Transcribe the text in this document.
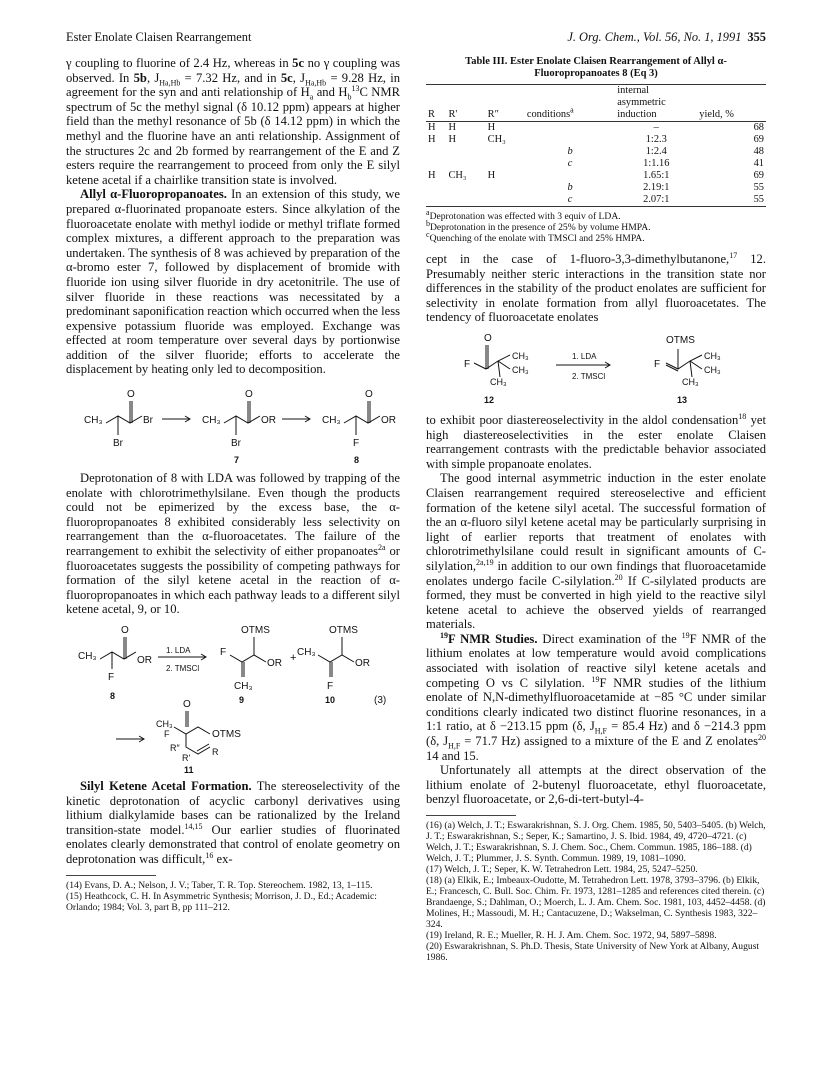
Ester Enolate Claisen Rearrangement	J. Org. Chem., Vol. 56, No. 1, 1991 355

γ coupling to fluorine of 2.4 Hz, whereas in 5c no γ coupling was observed. In 5b, $J_{Ha,Hb} = 7.32$ Hz, and in 5c, $J_{Ha,Hb} = 9.28$ Hz, in agreement for the syn and anti relationship of $H_a$ and $H_b^{13}C$ NMR spectrum of 5c the methyl signal (δ 10.12 ppm) appears at higher field than the methyl resonance of 5b (δ 14.12 ppm) in which the methyl and the fluorine have an anti relationship. Assignment of the structures 2c and 2b formed by rearrangement of the E and Z esters require the rearrangement to proceed from only the E silyl ketene acetal if a chairlike transition state is involved.

Allyl α-Fluoropropanoates. In an extension of this study, we prepared α-fluorinated propanoate esters. Since alkylation of the fluoroacetate enolate with methyl iodide or methyl triflate formed complex mixtures, a different approach to the preparation was undertaken. The synthesis of 8 was achieved by preparation of the α-bromo ester 7, followed by displacement of bromide with fluoride ion using silver fluoride in dry acetonitrile. The use of silver fluoride in these reactions was necessitated by a predominant saponification reaction which occurred when the less expensive potassium fluoride was employed. Exchange was effected at room temperature over several days by portionwise addition of the silver fluoride; efforts to accelerate the displacement by heating only led to decomposition.

CH₃
O
Br
Br
CH₃
O
OR
Br
CH₃
O
OR
F
7	8

Deprotonation of 8 with LDA was followed by trapping of the enolate with chlorotrimethylsilane. Even though the products could not be epimerized by the excess base, the α-fluoropropanoates 8 exhibited considerably less selectivity on rearrangement than the α-fluoroacetates. The failure of the rearrangement to exhibit the selectivity of either propanoates$^{2a}$ or fluoroacetates suggests the possibility of competing pathways for formation of the silyl ketene acetal in the reaction of α-fluoropropanoates in which each pathway leads to a different silyl ketene acetal, 9, or 10.

CH₃
O
OR
F
1. LDA
2. TMSCl
OTMS
F
OR
CH₃
+
OTMS
CH₃
OR
F
8	9	10	(3)
O
CH₃
F	OTMS
R″
R'
R
11

Silyl Ketene Acetal Formation. The stereoselectivity of the kinetic deprotonation of acyclic carbonyl derivatives using lithium dialkylamide bases can be rationalized by the Ireland transition-state model.$^{14,15}$ Our earlier studies of fluorinated enolates clearly demonstrated that control of enolate geometry on deprotonation was difficult,$^{16}$ ex-

(14) Evans, D. A.; Nelson, J. V.; Taber, T. R. Top. Stereochem. 1982, 13, 1–115.
(15) Heathcock, C. H. In Asymmetric Synthesis; Morrison, J. D., Ed.; Academic: Orlando; 1984; Vol. 3, part B, pp 111–212.
Table III. Ester Enolate Claisen Rearrangement of Allyl α-Fluoropropanoates 8 (Eq 3)
R	R'	R″	conditions$^a$	internal asymmetric induction	yield, %
H	H	H		–	68
H	H	CH₃		1:2.3	69
			b	1:2.4	48
			c	1:1.16	41
H	CH₃	H		1.65:1	69
			b	2.19:1	55
			c	2.07:1	55
$^a$Deprotonation was effected with 3 equiv of LDA.
$^b$Deprotonation in the presence of 25% by volume HMPA.
$^c$Quenching of the enolate with TMSCl and 25% HMPA.

cept in the case of 1-fluoro-3,3-dimethylbutanone,$^{17}$ 12. Presumably neither steric interactions in the transition state nor differences in the stability of the product enolates are sufficient for selectivity in enolate formation from allyl fluoroacetates. The tendency of fluoroacetate enolates

O
F
CH₃
CH₃
CH₃
1. LDA
2. TMSCl
OTMS
F
CH₃
CH₃
CH₃
12	13

to exhibit poor diastereoselectivity in the aldol condensation$^{18}$ yet high diastereoselectivities in the ester enolate Claisen rearrangement contrasts with the predictable behavior associated with simple propanoate enolates.

The good internal asymmetric induction in the ester enolate Claisen rearrangement required stereoselective and efficient formation of the ketene silyl acetal. The successful formation of the an α-fluoro silyl ketene acetal may be particularly surprising in light of earlier reports that treatment of enolates with chlorotrimethylsilane could result in significant amounts of C-silylation,$^{2a,19}$ in addition to our own findings that fluoroacetamide enolates undergo facile C-silylation.$^{20}$ If C-silylated products are formed, they must be converted in high yield to the reactive silyl ketene acetal to achieve the observed yields of rearranged materials.

$^{19}$F NMR Studies. Direct examination of the $^{19}$F NMR of the lithium enolates at low temperature would avoid complications associated with isolation of reactive silyl ketene acetals and competing O vs C silylation. $^{19}$F NMR studies of the lithium enolate of N,N-dimethylfluoroacetamide at −85 °C under similar conditions clearly indicated two distinct fluorine resonances, in a 1:1 ratio, at δ −213.15 ppm (δ, $J_{H,F} = 85.4$ Hz) and δ −214.3 ppm (δ, $J_{H,F} = 71.7$ Hz) assigned to a mixture of the E and Z enolates$^{20}$ 14 and 15.

Unfortunately all attempts at the direct observation of the lithium enolate of 2-butenyl fluoroacetate, ethyl fluoroacetate, benzyl fluoroacetate, or 2,6-di-tert-butyl-4-

(16) (a) Welch, J. T.; Eswarakrishnan, S. J. Org. Chem. 1985, 50, 5403–5405. (b) Welch, J. T.; Eswarakrishnan, S.; Seper, K.; Samartino, J. S. Ibid. 1984, 49, 4720–4721. (c) Welch, J. T.; Eswarakrishnan, S. J. Chem. Soc., Chem. Commun. 1985, 186–188. (d) Welch, J. T.; Plummer, J. S. Synth. Commun. 1989, 19, 1081–1090.
(17) Welch, J. T.; Seper, K. W. Tetrahedron Lett. 1984, 25, 5247–5250.
(18) (a) Elkik, E.; Imbeaux-Oudotte, M. Tetrahedron Lett. 1978, 3793–3796. (b) Elkik, E.; Francesch, C. Bull. Soc. Chim. Fr. 1973, 1281–1285 and references cited therein. (c) Brandaenge, S.; Dahlman, O.; Moerch, L. J. Am. Chem. Soc. 1981, 103, 4452–4458. (d) Molines, H.; Massoudi, M. H.; Cantacuzene, D.; Wakselman, C. Synthesis 1983, 322–324.
(19) Ireland, R. E.; Mueller, R. H. J. Am. Chem. Soc. 1972, 94, 5897–5898.
(20) Eswarakrishnan, S. Ph.D. Thesis, State University of New York at Albany, August 1986.
